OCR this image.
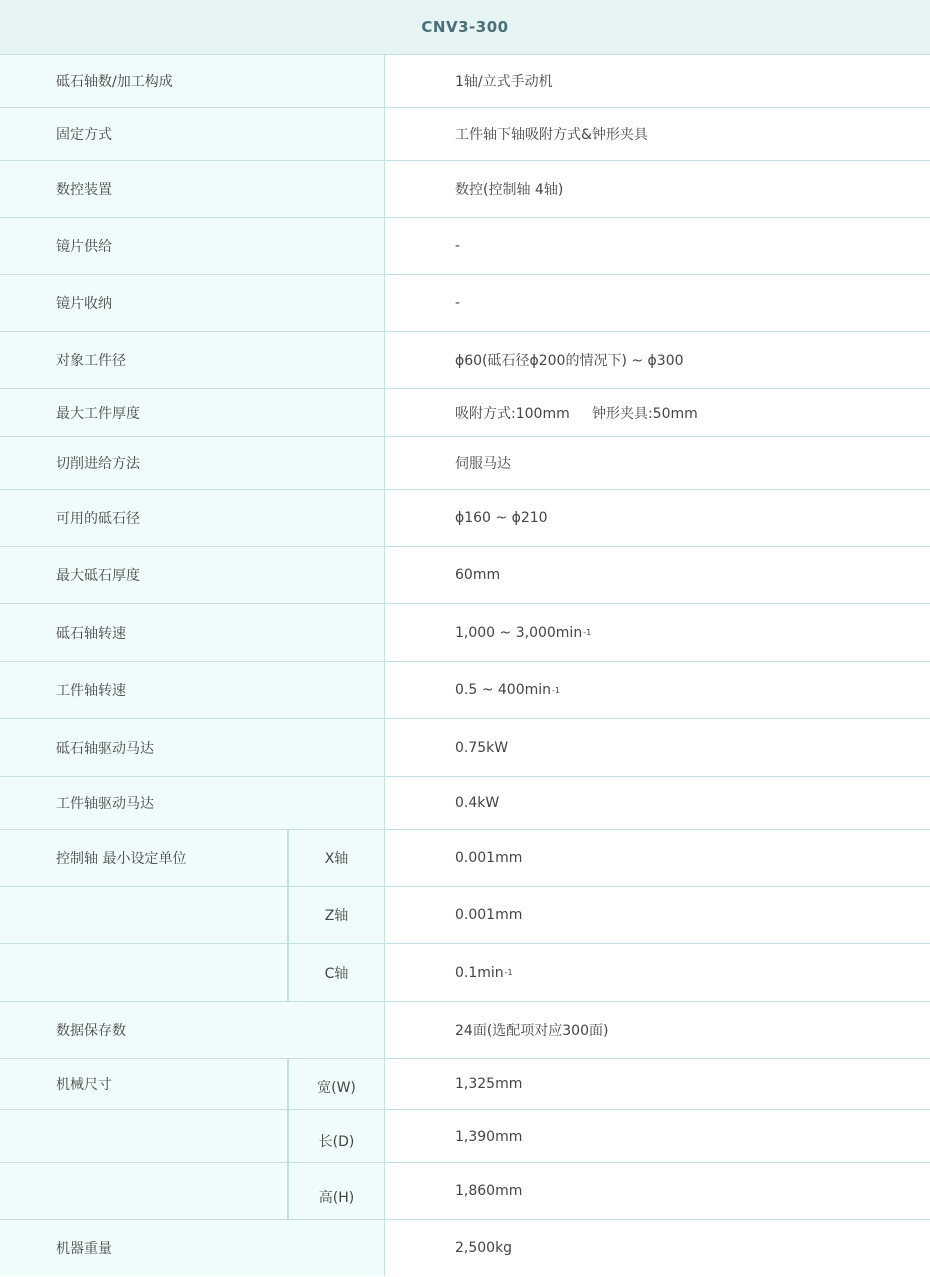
CNV3-300
砥石轴数/加工构成	1轴/立式手动机
固定方式	工件轴下轴吸附方式&钟形夹具
数控装置	数控(控制轴 4轴)
镜片供给	-
镜片收纳	-
对象工件径	ϕ60(砥石径ϕ200的情况下) ~ ϕ300
最大工件厚度	吸附方式:100mm     钟形夹具:50mm
切削进给方法	伺服马达
可用的砥石径	ϕ160 ~ ϕ210
最大砥石厚度	60mm
砥石轴转速	1,000 ~ 3,000min -1
工件轴转速	0.5 ~ 400min -1
砥石轴驱动马达	0.75kW
工件轴驱动马达	0.4kW
控制轴 最小设定单位	X轴	0.001mm
Z轴	0.001mm
C轴	0.1min -1
数据保存数	24面(选配项对应300面)
机械尺寸	宽(W)	1,325mm
长(D)	1,390mm
高(H)	1,860mm
机器重量	2,500kg
